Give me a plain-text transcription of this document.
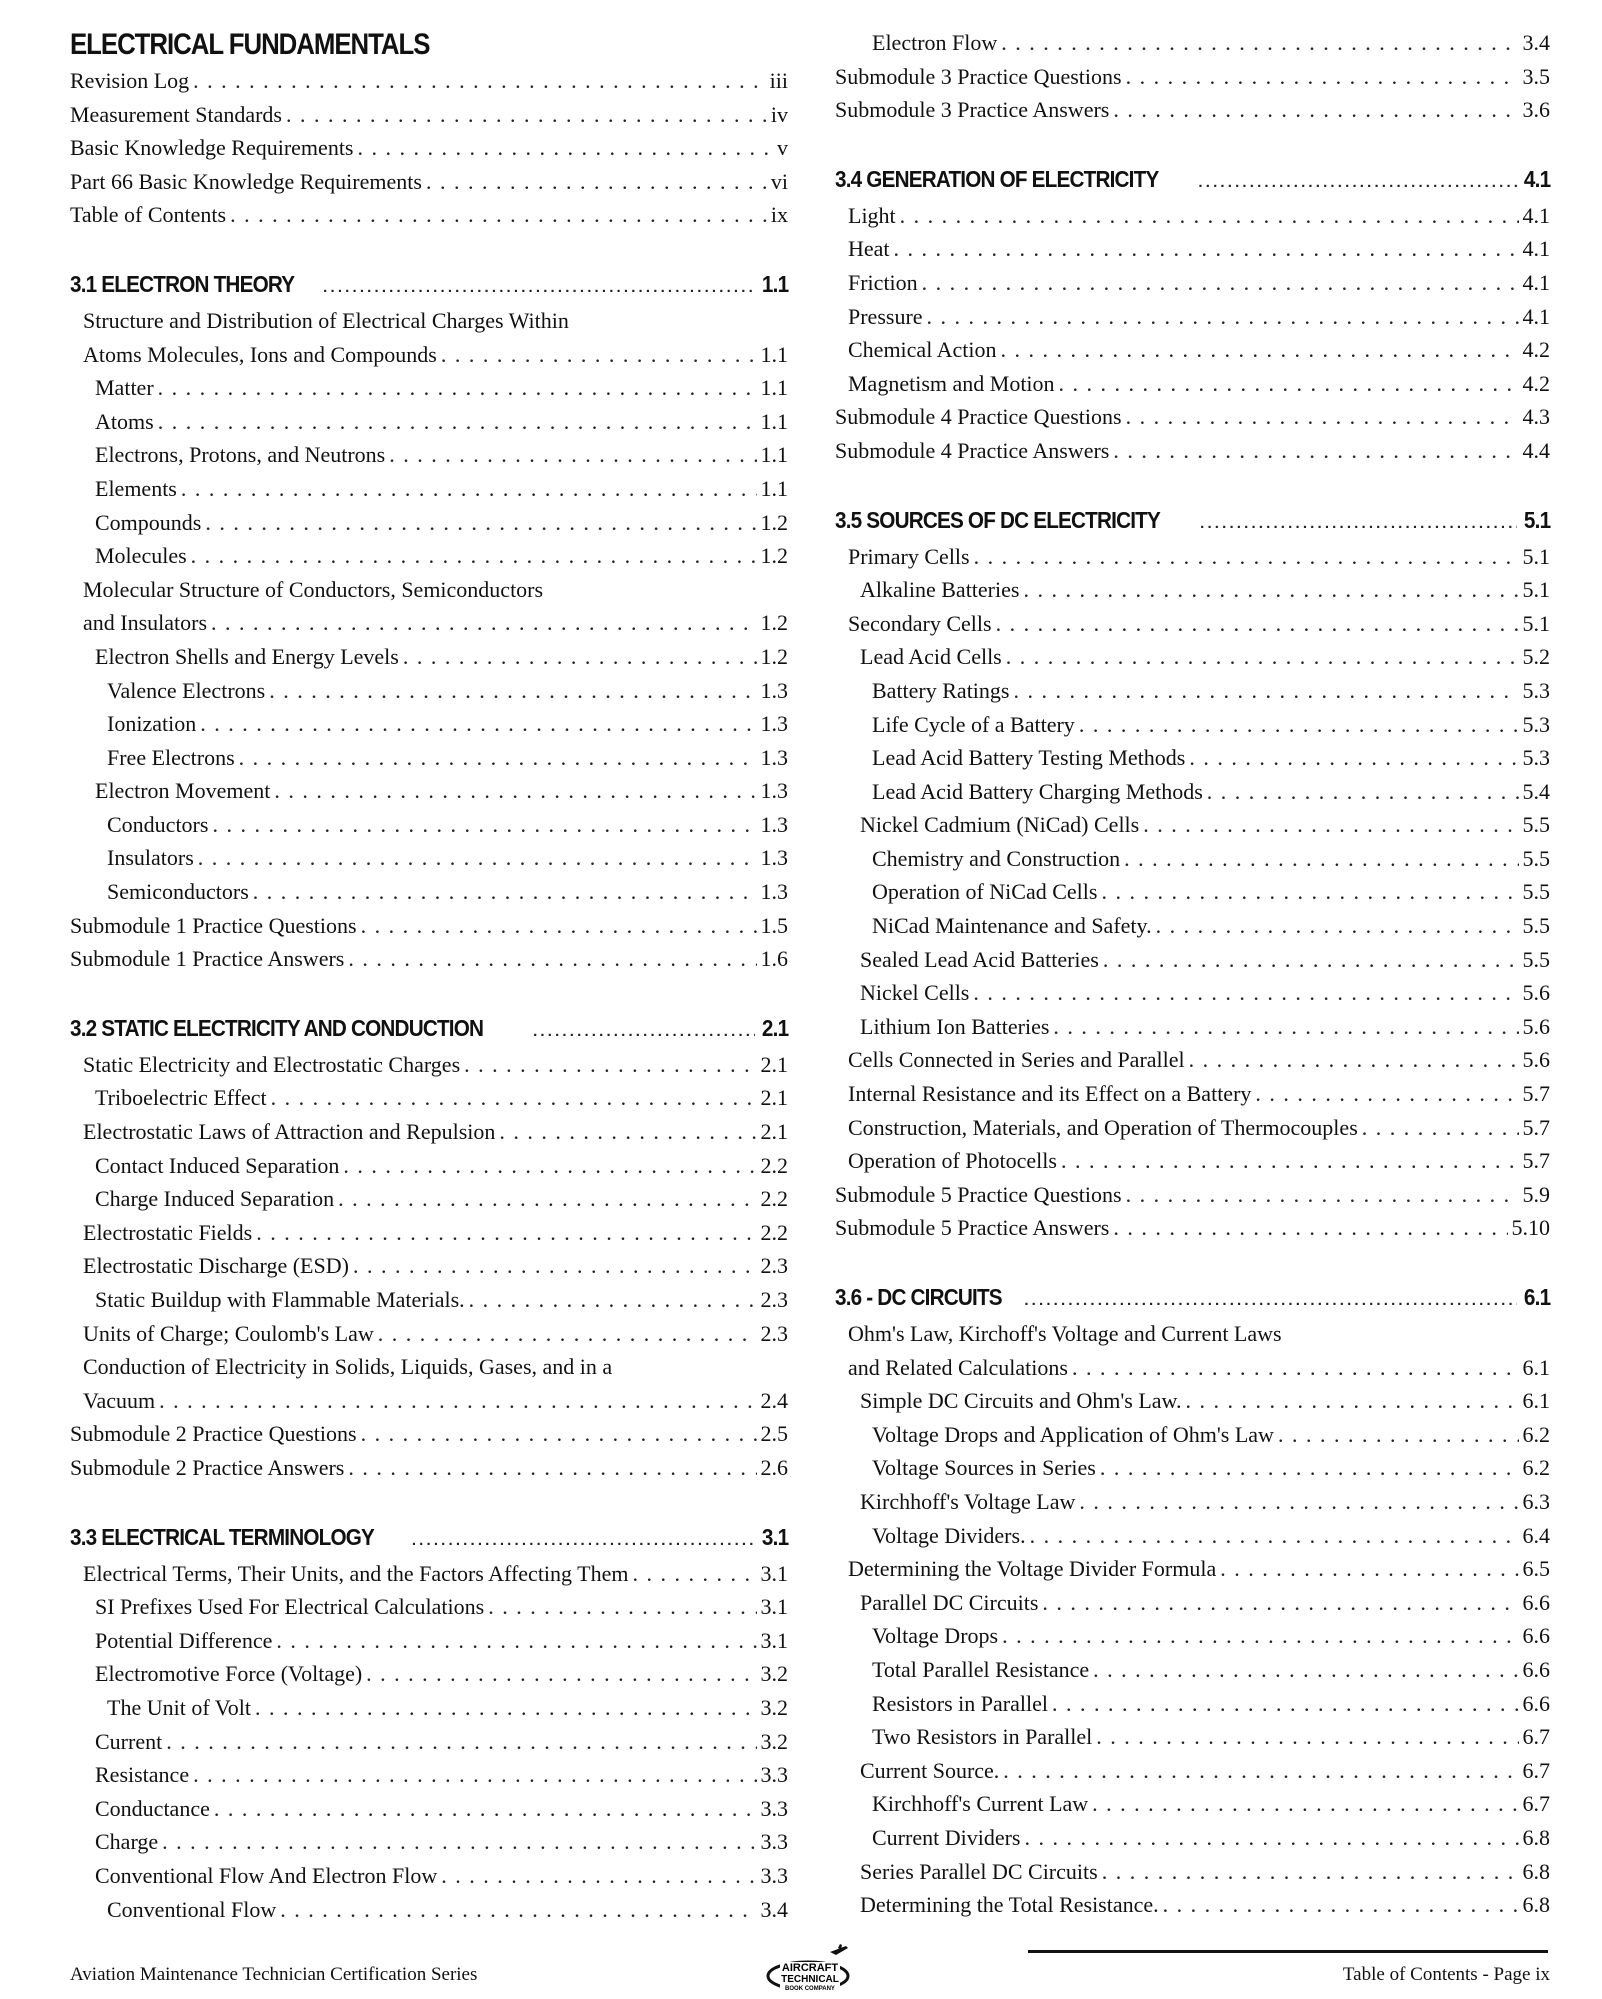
ELECTRICAL FUNDAMENTALS
Revision Log . . .	iii
Measurement Standards . . .	iv
Basic Knowledge Requirements . . .	v
Part 66 Basic Knowledge Requirements . . .	vi
Table of Contents . . .	ix
3.1 ELECTRON THEORY . . .	1.1
Structure and Distribution of Electrical Charges Within
Atoms Molecules, Ions and Compounds . . .	1.1
Matter . . .	1.1
Atoms . . .	1.1
Electrons, Protons, and Neutrons . . .	1.1
Elements . . .	1.1
Compounds . . .	1.2
Molecules . . .	1.2
Molecular Structure of Conductors, Semiconductors
and Insulators . . .	1.2
Electron Shells and Energy Levels . . .	1.2
Valence Electrons . . .	1.3
Ionization . . .	1.3
Free Electrons . . .	1.3
Electron Movement . . .	1.3
Conductors . . .	1.3
Insulators . . .	1.3
Semiconductors . . .	1.3
Submodule 1 Practice Questions . . .	1.5
Submodule 1 Practice Answers . . .	1.6
3.2 STATIC ELECTRICITY AND CONDUCTION . . .	2.1
Static Electricity and Electrostatic Charges . . .	2.1
Triboelectric Effect . . .	2.1
Electrostatic Laws of Attraction and Repulsion . . .	2.1
Contact Induced Separation . . .	2.2
Charge Induced Separation . . .	2.2
Electrostatic Fields . . .	2.2
Electrostatic Discharge (ESD) . . .	2.3
Static Buildup with Flammable Materials. . . .	2.3
Units of Charge; Coulomb's Law . . .	2.3
Conduction of Electricity in Solids, Liquids, Gases, and in a
Vacuum . . .	2.4
Submodule 2 Practice Questions . . .	2.5
Submodule 2 Practice Answers . . .	2.6
3.3 ELECTRICAL TERMINOLOGY . . .	3.1
Electrical Terms, Their Units, and the Factors Affecting Them . . .	3.1
SI Prefixes Used For Electrical Calculations . . .	3.1
Potential Difference . . .	3.1
Electromotive Force (Voltage) . . .	3.2
The Unit of Volt . . .	3.2
Current . . .	3.2
Resistance . . .	3.3
Conductance . . .	3.3
Charge . . .	3.3
Conventional Flow And Electron Flow . . .	3.3
Conventional Flow . . .	3.4
Electron Flow . . .	3.4
Submodule 3 Practice Questions . . .	3.5
Submodule 3 Practice Answers . . .	3.6
3.4 GENERATION OF ELECTRICITY . . .	4.1
Light . . .	4.1
Heat . . .	4.1
Friction . . .	4.1
Pressure . . .	4.1
Chemical Action . . .	4.2
Magnetism and Motion . . .	4.2
Submodule 4 Practice Questions . . .	4.3
Submodule 4 Practice Answers . . .	4.4
3.5 SOURCES OF DC ELECTRICITY . . .	5.1
Primary Cells . . .	5.1
Alkaline Batteries . . .	5.1
Secondary Cells . . .	5.1
Lead Acid Cells . . .	5.2
Battery Ratings . . .	5.3
Life Cycle of a Battery . . .	5.3
Lead Acid Battery Testing Methods . . .	5.3
Lead Acid Battery Charging Methods . . .	5.4
Nickel Cadmium (NiCad) Cells . . .	5.5
Chemistry and Construction . . .	5.5
Operation of NiCad Cells . . .	5.5
NiCad Maintenance and Safety. . . .	5.5
Sealed Lead Acid Batteries . . .	5.5
Nickel Cells . . .	5.6
Lithium Ion Batteries . . .	5.6
Cells Connected in Series and Parallel . . .	5.6
Internal Resistance and its Effect on a Battery . . .	5.7
Construction, Materials, and Operation of Thermocouples . . .	5.7
Operation of Photocells . . .	5.7
Submodule 5 Practice Questions . . .	5.9
Submodule 5 Practice Answers . . .	5.10
3.6 - DC CIRCUITS . . .	6.1
Ohm's Law, Kirchoff's Voltage and Current Laws
and Related Calculations . . .	6.1
Simple DC Circuits and Ohm's Law. . . .	6.1
Voltage Drops and Application of Ohm's Law . . .	6.2
Voltage Sources in Series . . .	6.2
Kirchhoff's Voltage Law . . .	6.3
Voltage Dividers. . . .	6.4
Determining the Voltage Divider Formula . . .	6.5
Parallel DC Circuits . . .	6.6
Voltage Drops . . .	6.6
Total Parallel Resistance . . .	6.6
Resistors in Parallel . . .	6.6
Two Resistors in Parallel . . .	6.7
Current Source. . . .	6.7
Kirchhoff's Current Law . . .	6.7
Current Dividers . . .	6.8
Series Parallel DC Circuits . . .	6.8
Determining the Total Resistance. . . .	6.8
Aviation Maintenance Technician Certification Series	AIRCRAFT
TECHNICAL
BOOK COMPANY
Table of Contents - Page ix
